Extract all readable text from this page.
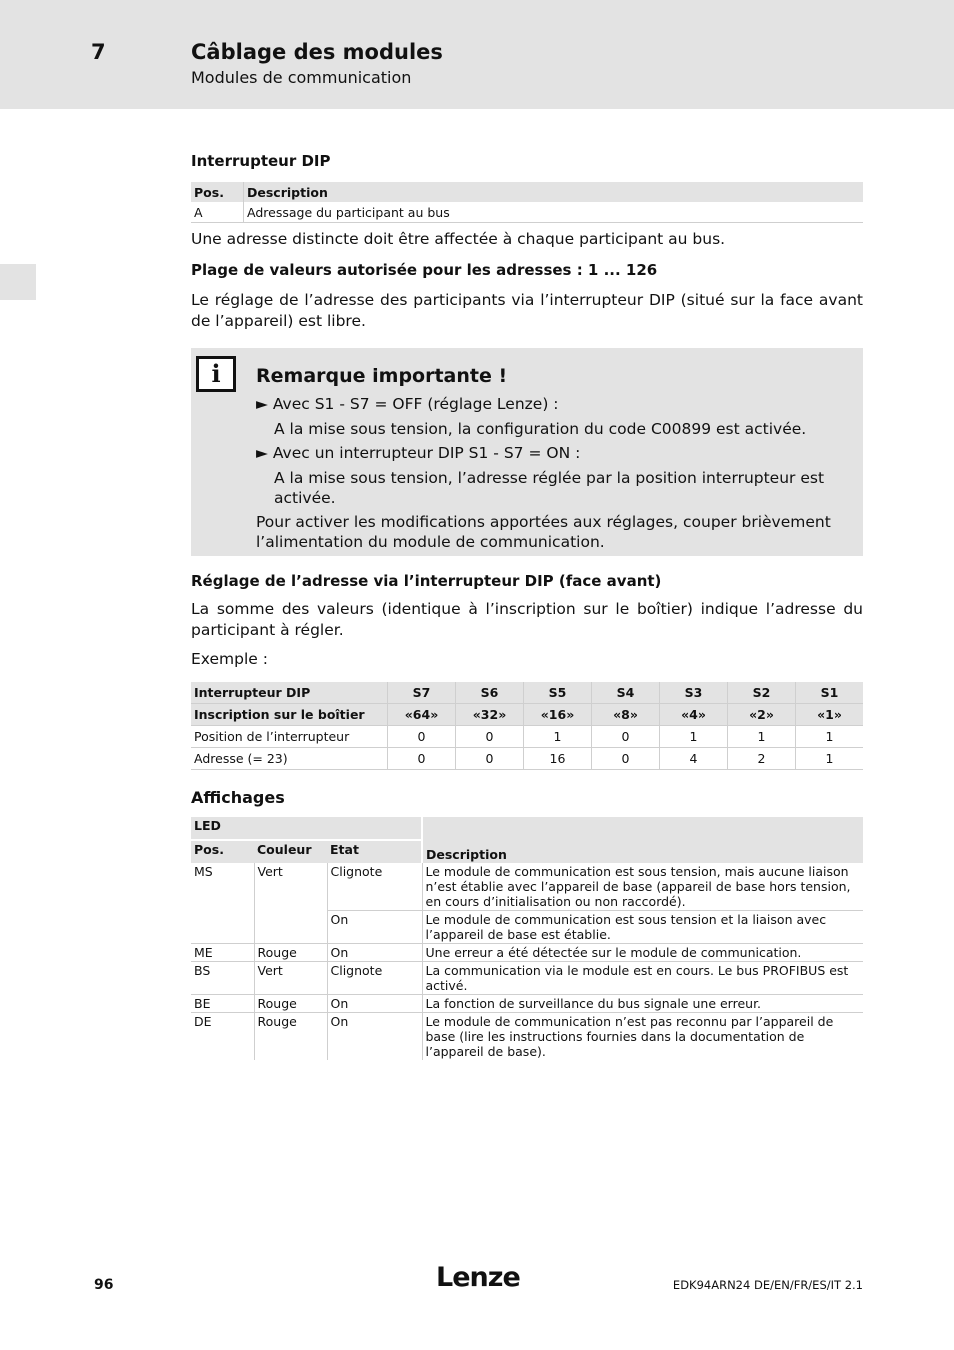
7	Câblage des modules
Modules de communication
Interrupteur DIP
Pos.	Description
A	Adressage du participant au bus
Une adresse distincte doit être affectée à chaque participant au bus.
Plage de valeurs autorisée pour les adresses : 1 ... 126
Le réglage de l’adresse des participants via l’interrupteur DIP (situé sur la face avant de l’appareil) est libre.
i	Remarque importante !
► Avec S1 - S7 = OFF (réglage Lenze) :
A la mise sous tension, la configuration du code C00899 est activée.
► Avec un interrupteur DIP S1 - S7 = ON :
A la mise sous tension, l’adresse réglée par la position interrupteur est
activée.
Pour activer les modifications apportées aux réglages, couper brièvement
l’alimentation du module de communication.
Réglage de l’adresse via l’interrupteur DIP (face avant)
La somme des valeurs (identique à l’inscription sur le boîtier) indique l’adresse du participant à régler.
Exemple :
Interrupteur DIP	S7	S6	S5	S4	S3	S2	S1
Inscription sur le boîtier	«64»	«32»	«16»	«8»	«4»	«2»	«1»
Position de l’interrupteur	0	0	1	0	1	1	1
Adresse (= 23)	0	0	16	0	4	2	1
Affichages
LED			Description
Pos.	Couleur	Etat	
MS	Vert	Clignote	Le module de communication est sous tension, mais aucune liaison n’est établie avec l’appareil de base (appareil de base hors tension, en cours d’initialisation ou non raccordé).
		On	Le module de communication est sous tension et la liaison avec l’appareil de base est établie.
ME	Rouge	On	Une erreur a été détectée sur le module de communication.
BS	Vert	Clignote	La communication via le module est en cours. Le bus PROFIBUS est activé.
BE	Rouge	On	La fonction de surveillance du bus signale une erreur.
DE	Rouge	On	Le module de communication n’est pas reconnu par l’appareil de base (lire les instructions fournies dans la documentation de l’appareil de base).
96	Lenze	EDK94ARN24 DE/EN/FR/ES/IT 2.1
